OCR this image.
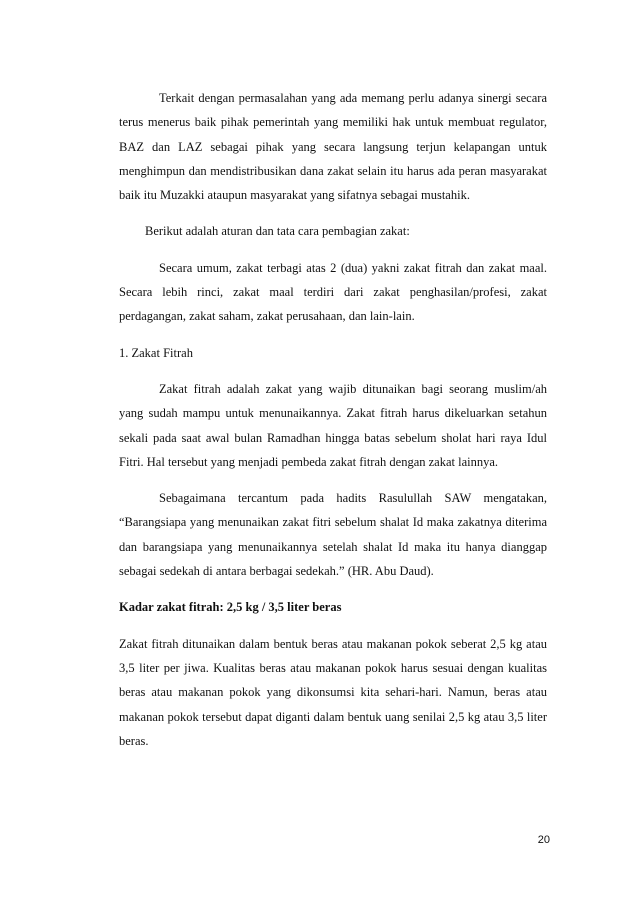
Terkait dengan permasalahan yang ada memang perlu adanya sinergi secara terus menerus baik pihak pemerintah yang memiliki hak untuk membuat regulator, BAZ dan LAZ sebagai pihak yang secara langsung terjun kelapangan untuk menghimpun dan mendistribusikan dana zakat selain itu harus ada peran masyarakat baik itu Muzakki ataupun masyarakat yang sifatnya sebagai mustahik.

Berikut adalah aturan dan tata cara pembagian zakat:

Secara umum, zakat terbagi atas 2 (dua) yakni zakat fitrah dan zakat maal. Secara lebih rinci, zakat maal terdiri dari zakat penghasilan/profesi, zakat perdagangan, zakat saham, zakat perusahaan, dan lain-lain.

1. Zakat Fitrah

Zakat fitrah adalah zakat yang wajib ditunaikan bagi seorang muslim/ah yang sudah mampu untuk menunaikannya. Zakat fitrah harus dikeluarkan setahun sekali pada saat awal bulan Ramadhan hingga batas sebelum sholat hari raya Idul Fitri. Hal tersebut yang menjadi pembeda zakat fitrah dengan zakat lainnya.

Sebagaimana tercantum pada hadits Rasulullah SAW mengatakan, “Barangsiapa yang menunaikan zakat fitri sebelum shalat Id maka zakatnya diterima dan barangsiapa yang menunaikannya setelah shalat Id maka itu hanya dianggap sebagai sedekah di antara berbagai sedekah.” (HR. Abu Daud).

Kadar zakat fitrah: 2,5 kg / 3,5 liter beras

Zakat fitrah ditunaikan dalam bentuk beras atau makanan pokok seberat 2,5 kg atau 3,5 liter per jiwa. Kualitas beras atau makanan pokok harus sesuai dengan kualitas beras atau makanan pokok yang dikonsumsi kita sehari-hari. Namun, beras atau makanan pokok tersebut dapat diganti dalam bentuk uang senilai 2,5 kg atau 3,5 liter beras.

20
